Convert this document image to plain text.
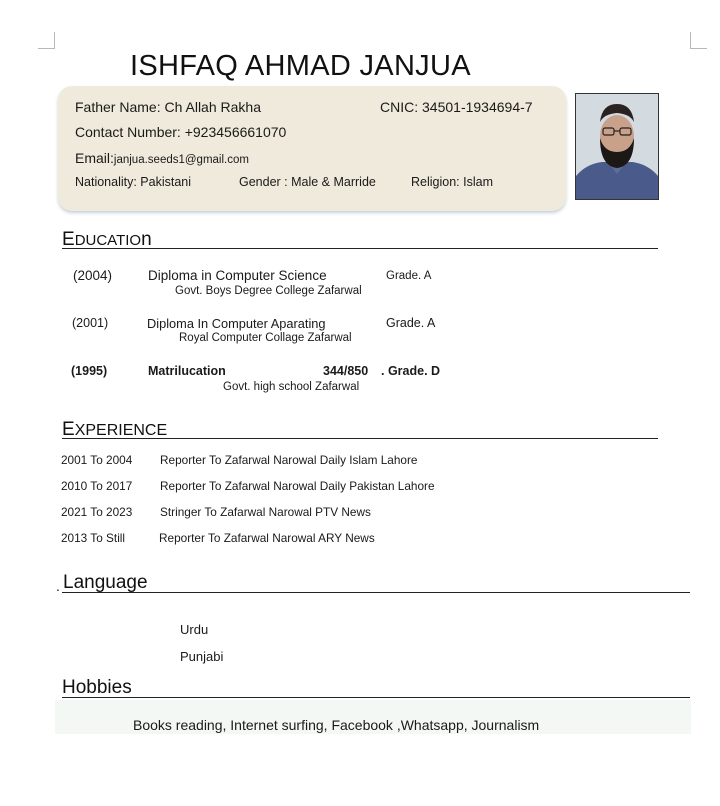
ISHFAQ AHMAD JANJUA
Father Name: Ch Allah Rakha	CNIC: 34501-1934694-7
Contact Number: +923456661070
Email:janjua.seeds1@gmail.com
Nationality: Pakistani	Gender : Male & Marride	Religion: Islam
EDUCATIOn
(2004)	Diploma in Computer Science	Grade. A
Govt. Boys Degree College Zafarwal
(2001)	Diploma In Computer Aparating	Grade. A
Royal Computer Collage Zafarwal
(1995)	Matrilucation	344/850 . Grade. D
Govt. high school Zafarwal
EXPERIENCE
2001 To 2004 Reporter To Zafarwal Narowal Daily Islam Lahore
2010 To 2017 Reporter To Zafarwal Narowal Daily Pakistan Lahore
2021 To 2023 Stringer To Zafarwal Narowal PTV News
2013 To Still	Reporter To Zafarwal Narowal ARY News
. Language
Urdu
Punjabi
Hobbies
Books reading, Internet surfing, Facebook ,Whatsapp, Journalism
